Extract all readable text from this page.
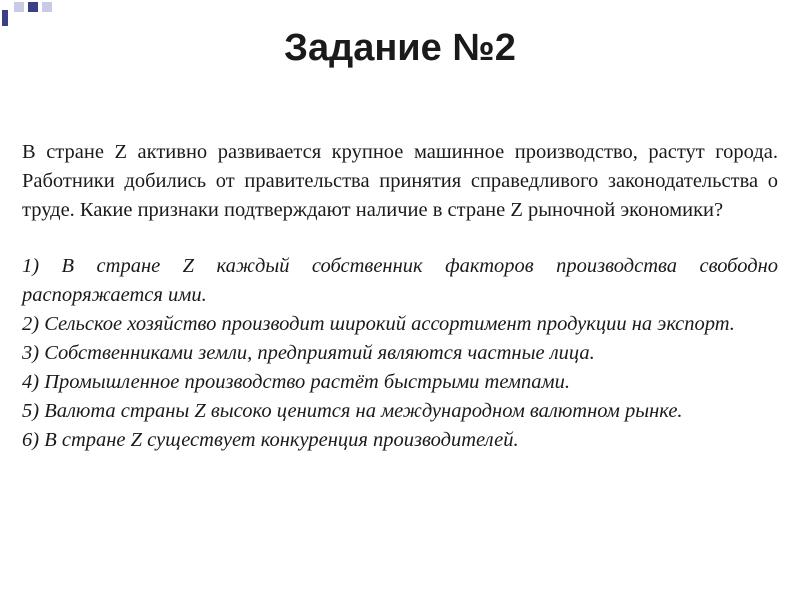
Задание №2

В стране Z активно развивается крупное машинное производство, растут города. Работники добились от правительства принятия справедливого законодательства о труде. Какие признаки подтверждают наличие в стране Z рыночной экономики?

1) В стране Z каждый собственник факторов производства свободно распоряжается ими.

2) Сельское хозяйство производит широкий ассортимент продукции на экспорт.

3) Собственниками земли, предприятий являются частные лица.

4) Промышленное производство растёт быстрыми темпами.

5) Валюта страны Z высоко ценится на международном валютном рынке.

6) В стране Z существует конкуренция производителей.
